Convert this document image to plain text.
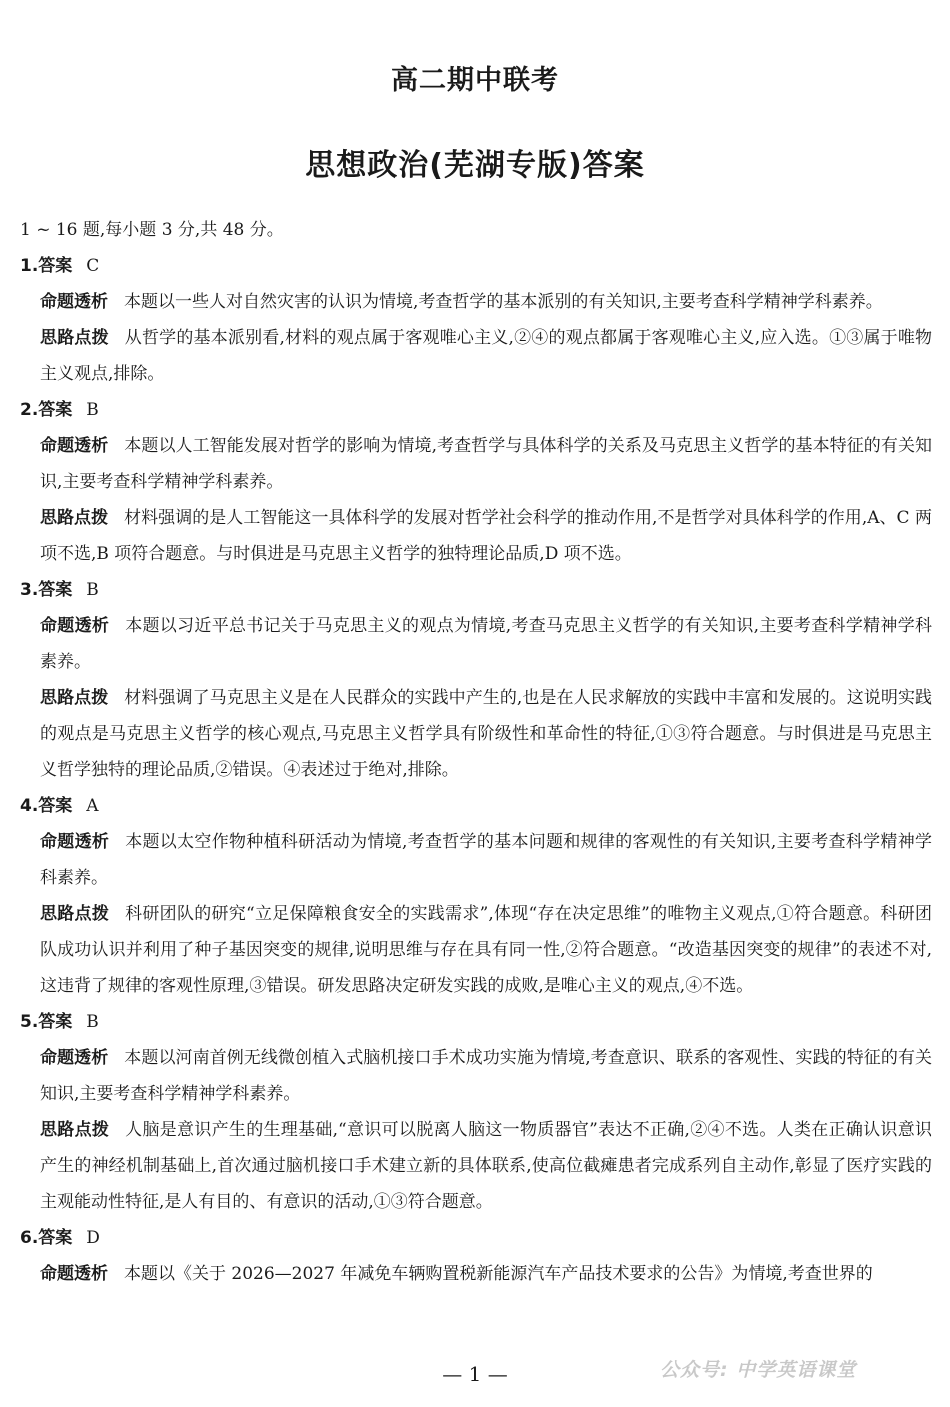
高二期中联考
思想政治(芜湖专版)答案

1 ~ 16 题,每小题 3 分,共 48 分。

1.答案 C

命题透析 本题以一些人对自然灾害的认识为情境,考查哲学的基本派别的有关知识,主要考查科学精神学科素养。

思路点拨 从哲学的基本派别看,材料的观点属于客观唯心主义,②④的观点都属于客观唯心主义,应入选。①③属于唯物主义观点,排除。

2.答案 B

命题透析 本题以人工智能发展对哲学的影响为情境,考查哲学与具体科学的关系及马克思主义哲学的基本特征的有关知识,主要考查科学精神学科素养。

思路点拨 材料强调的是人工智能这一具体科学的发展对哲学社会科学的推动作用,不是哲学对具体科学的作用,A、C 两项不选,B 项符合题意。与时俱进是马克思主义哲学的独特理论品质,D 项不选。

3.答案 B

命题透析 本题以习近平总书记关于马克思主义的观点为情境,考查马克思主义哲学的有关知识,主要考查科学精神学科素养。

思路点拨 材料强调了马克思主义是在人民群众的实践中产生的,也是在人民求解放的实践中丰富和发展的。这说明实践的观点是马克思主义哲学的核心观点,马克思主义哲学具有阶级性和革命性的特征,①③符合题意。与时俱进是马克思主义哲学独特的理论品质,②错误。④表述过于绝对,排除。

4.答案 A

命题透析 本题以太空作物种植科研活动为情境,考查哲学的基本问题和规律的客观性的有关知识,主要考查科学精神学科素养。

思路点拨 科研团队的研究“立足保障粮食安全的实践需求”,体现“存在决定思维”的唯物主义观点,①符合题意。科研团队成功认识并利用了种子基因突变的规律,说明思维与存在具有同一性,②符合题意。“改造基因突变的规律”的表述不对,这违背了规律的客观性原理,③错误。研发思路决定研发实践的成败,是唯心主义的观点,④不选。

5.答案 B

命题透析 本题以河南首例无线微创植入式脑机接口手术成功实施为情境,考查意识、联系的客观性、实践的特征的有关知识,主要考查科学精神学科素养。

思路点拨 人脑是意识产生的生理基础,“意识可以脱离人脑这一物质器官”表达不正确,②④不选。人类在正确认识意识产生的神经机制基础上,首次通过脑机接口手术建立新的具体联系,使高位截瘫患者完成系列自主动作,彰显了医疗实践的主观能动性特征,是人有目的、有意识的活动,①③符合题意。

6.答案 D

命题透析 本题以《关于 2026—2027 年减免车辆购置税新能源汽车产品技术要求的公告》为情境,考查世界的

— 1 —	公众号: 中学英语课堂
